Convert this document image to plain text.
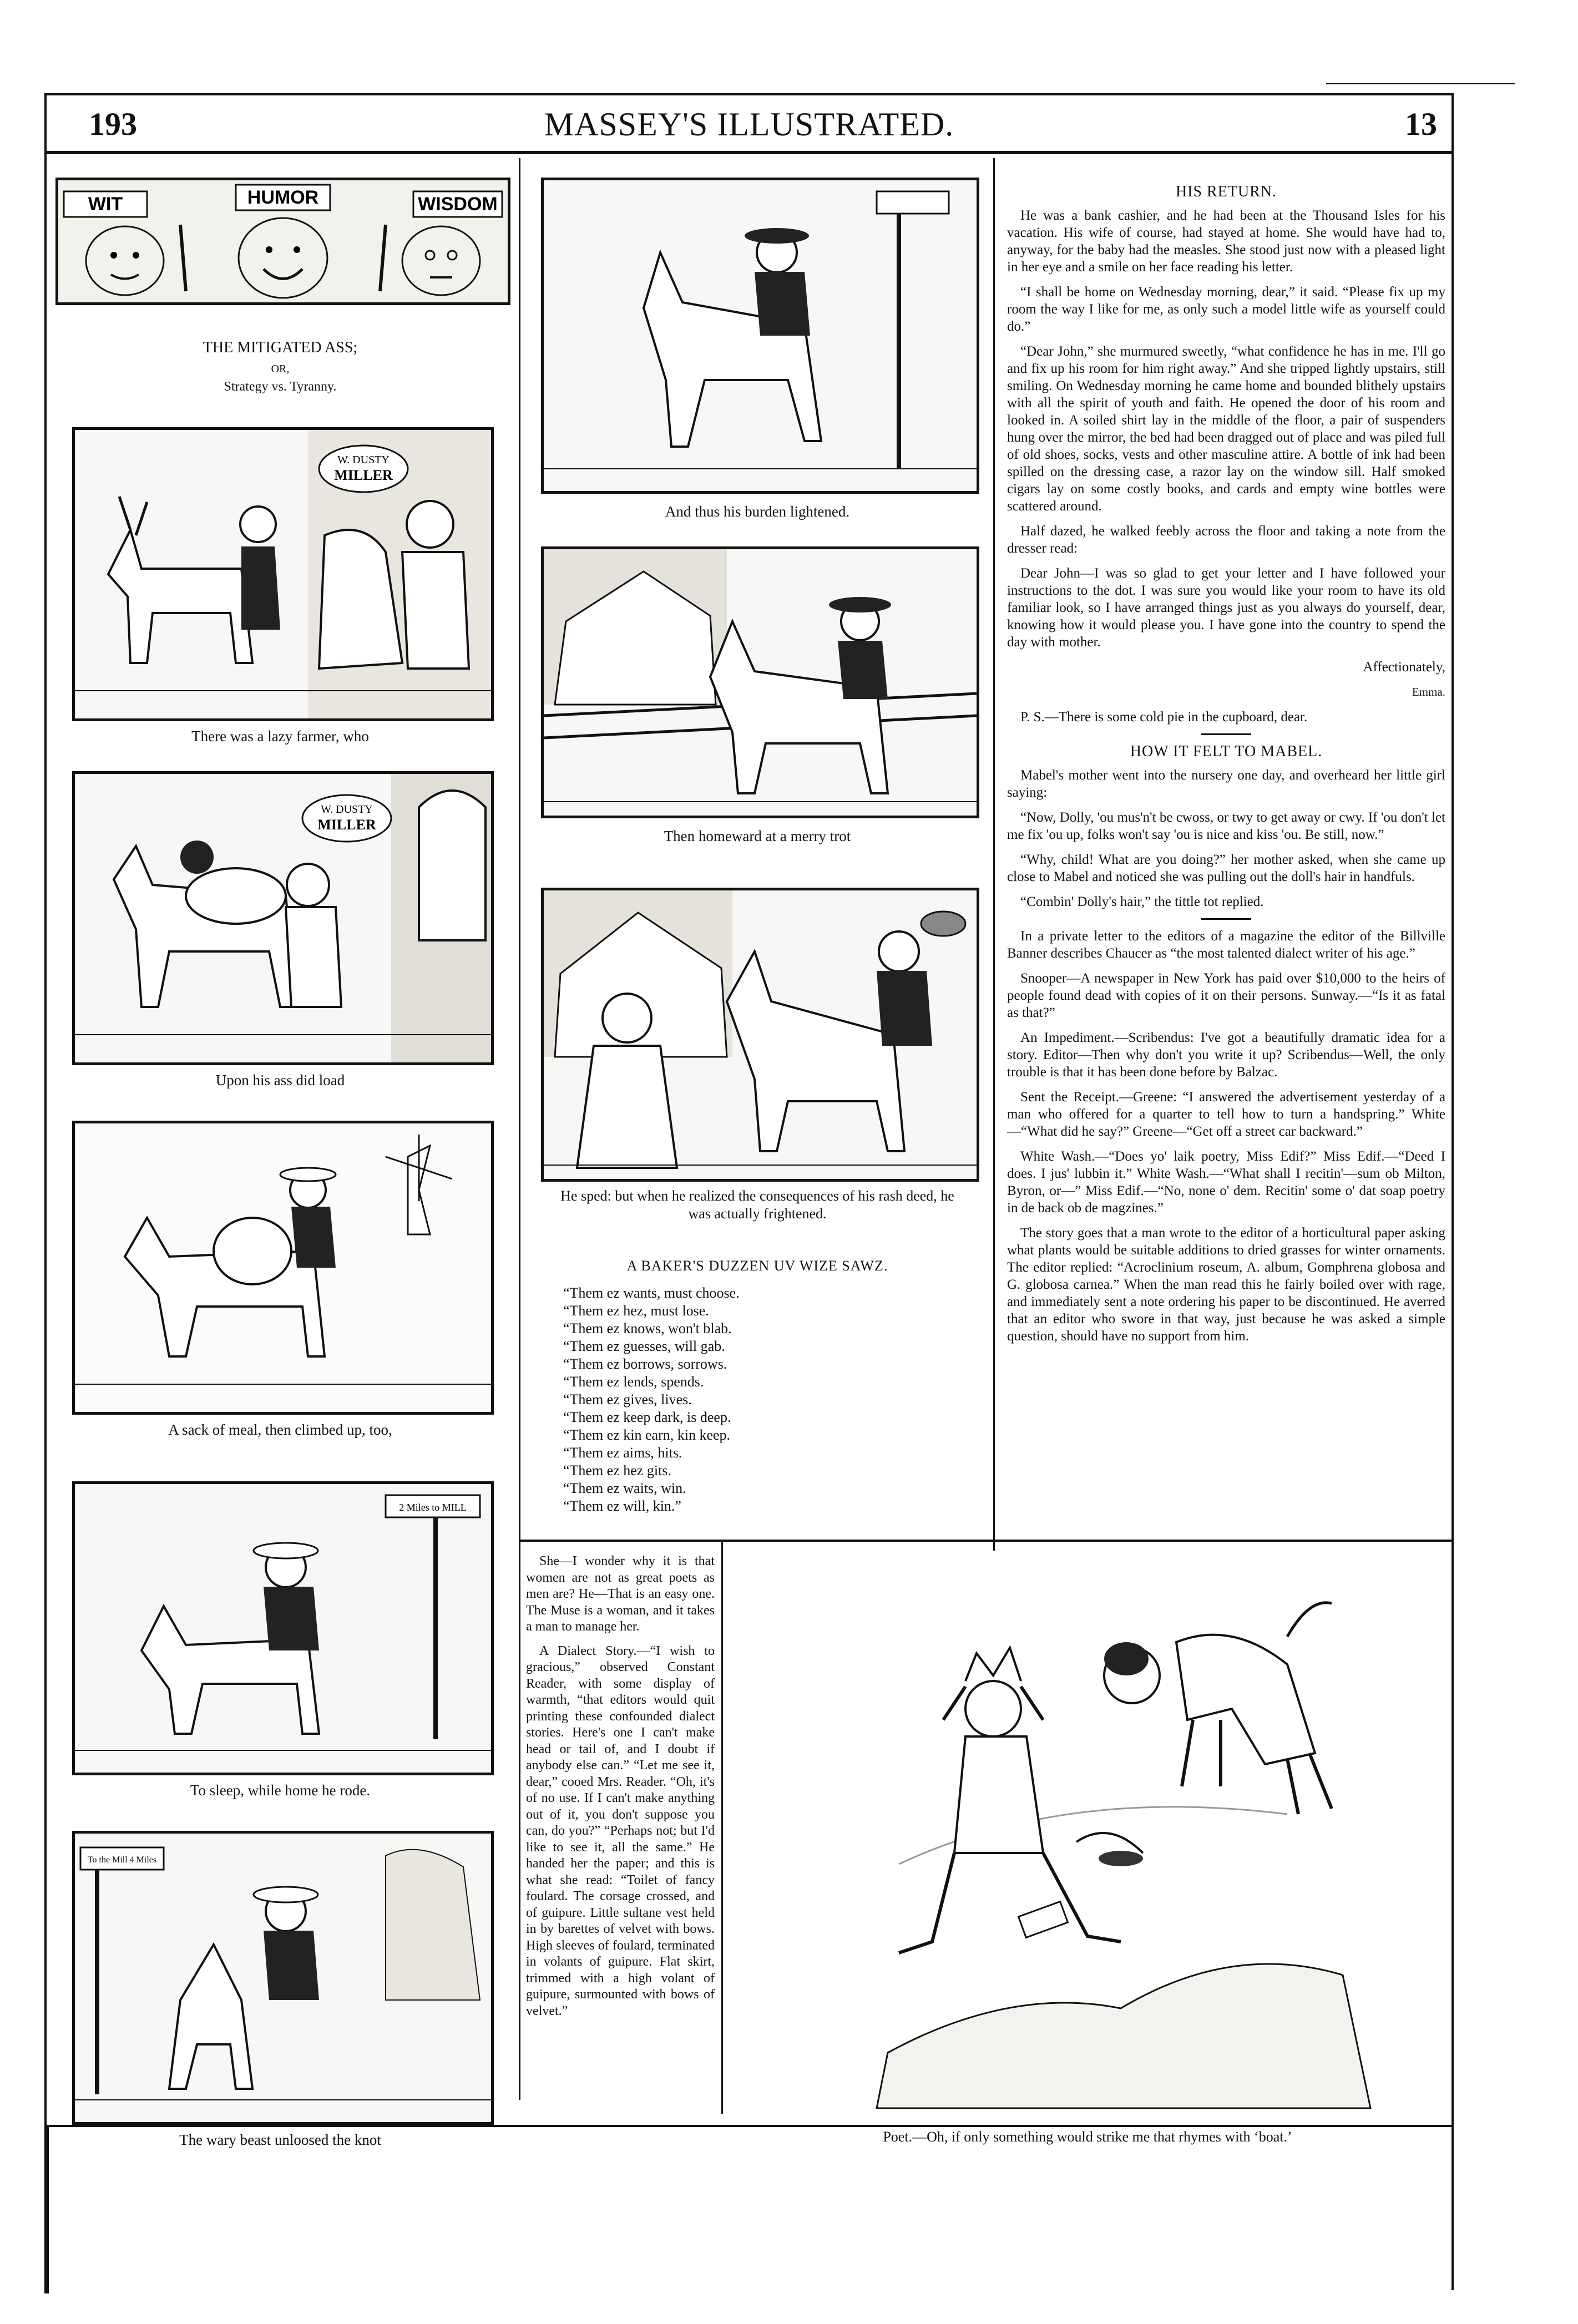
193	MASSEY'S ILLUSTRATED.	13
WIT	HUMOR	WISDOM
THE MITIGATED ASS;
OR,
Strategy vs. Tyranny.
W. DUSTY
MILLER
There was a lazy farmer, who
W. DUSTY
MILLER
Upon his ass did load
A sack of meal, then climbed up, too,
2 Miles to MILL
To sleep, while home he rode.
To the Mill 4 Miles
The wary beast unloosed the knot
And thus his burden lightened.
Then homeward at a merry trot
He sped: but when he realized the consequences of his rash deed, he was actually frightened.
A BAKER'S DUZZEN UV WIZE SAWZ.
“Them ez wants, must choose.
“Them ez hez, must lose.
“Them ez knows, won't blab.
“Them ez guesses, will gab.
“Them ez borrows, sorrows.
“Them ez lends, spends.
“Them ez gives, lives.
“Them ez keep dark, is deep.
“Them ez kin earn, kin keep.
“Them ez aims, hits.
“Them ez hez gits.
“Them ez waits, win.
“Them ez will, kin.”

She—I wonder why it is that women are not as great poets as men are? He—That is an easy one. The Muse is a woman, and it takes a man to manage her.

A Dialect Story.—“I wish to gracious,” observed Constant Reader, with some display of warmth, “that editors would quit printing these confounded dialect stories. Here's one I can't make head or tail of, and I doubt if anybody else can.” “Let me see it, dear,” cooed Mrs. Reader. “Oh, it's of no use. If I can't make anything out of it, you don't suppose you can, do you?” “Perhaps not; but I'd like to see it, all the same.” He handed her the paper; and this is what she read: “Toilet of fancy foulard. The corsage crossed, and of guipure. Little sultane vest held in by barettes of velvet with bows. High sleeves of foulard, terminated in volants of guipure. Flat skirt, trimmed with a high volant of guipure, surmounted with bows of velvet.”

HIS RETURN.

He was a bank cashier, and he had been at the Thousand Isles for his vacation. His wife of course, had stayed at home. She would have had to, anyway, for the baby had the measles. She stood just now with a pleased light in her eye and a smile on her face reading his letter.

“I shall be home on Wednesday morning, dear,” it said. “Please fix up my room the way I like for me, as only such a model little wife as yourself could do.”

“Dear John,” she murmured sweetly, “what confidence he has in me. I'll go and fix up his room for him right away.” And she tripped lightly upstairs, still smiling. On Wednesday morning he came home and bounded blithely upstairs with all the spirit of youth and faith. He opened the door of his room and looked in. A soiled shirt lay in the middle of the floor, a pair of suspenders hung over the mirror, the bed had been dragged out of place and was piled full of old shoes, socks, vests and other masculine attire. A bottle of ink had been spilled on the dressing case, a razor lay on the window sill. Half smoked cigars lay on some costly books, and cards and empty wine bottles were scattered around.

Half dazed, he walked feebly across the floor and taking a note from the dresser read:

Dear John—I was so glad to get your letter and I have followed your instructions to the dot. I was sure you would like your room to have its old familiar look, so I have arranged things just as you always do yourself, dear, knowing how it would please you. I have gone into the country to spend the day with mother.

Affectionately,

Emma.

P. S.—There is some cold pie in the cupboard, dear.

HOW IT FELT TO MABEL.

Mabel's mother went into the nursery one day, and overheard her little girl saying:

“Now, Dolly, 'ou mus'n't be cwoss, or twy to get away or cwy. If 'ou don't let me fix 'ou up, folks won't say 'ou is nice and kiss 'ou. Be still, now.”

“Why, child! What are you doing?” her mother asked, when she came up close to Mabel and noticed she was pulling out the doll's hair in handfuls.

“Combin' Dolly's hair,” the tittle tot replied.

In a private letter to the editors of a magazine the editor of the Billville Banner describes Chaucer as “the most talented dialect writer of his age.”

Snooper—A newspaper in New York has paid over $10,000 to the heirs of people found dead with copies of it on their persons. Sunway.—“Is it as fatal as that?”

An Impediment.—Scribendus: I've got a beautifully dramatic idea for a story. Editor—Then why don't you write it up? Scribendus—Well, the only trouble is that it has been done before by Balzac.

Sent the Receipt.—Greene: “I answered the advertisement yesterday of a man who offered for a quarter to tell how to turn a handspring.” White—“What did he say?” Greene—“Get off a street car backward.”

White Wash.—“Does yo' laik poetry, Miss Edif?” Miss Edif.—“Deed I does. I jus' lubbin it.” White Wash.—“What shall I recitin'—sum ob Milton, Byron, or—” Miss Edif.—“No, none o' dem. Recitin' some o' dat soap poetry in de back ob de magzines.”

The story goes that a man wrote to the editor of a horticultural paper asking what plants would be suitable additions to dried grasses for winter ornaments. The editor replied: “Acroclinium roseum, A. album, Gomphrena globosa and G. globosa carnea.” When the man read this he fairly boiled over with rage, and immediately sent a note ordering his paper to be discontinued. He averred that an editor who swore in that way, just because he was asked a simple question, should have no support from him.

Poet.—Oh, if only something would strike me that rhymes with ‘boat.’
